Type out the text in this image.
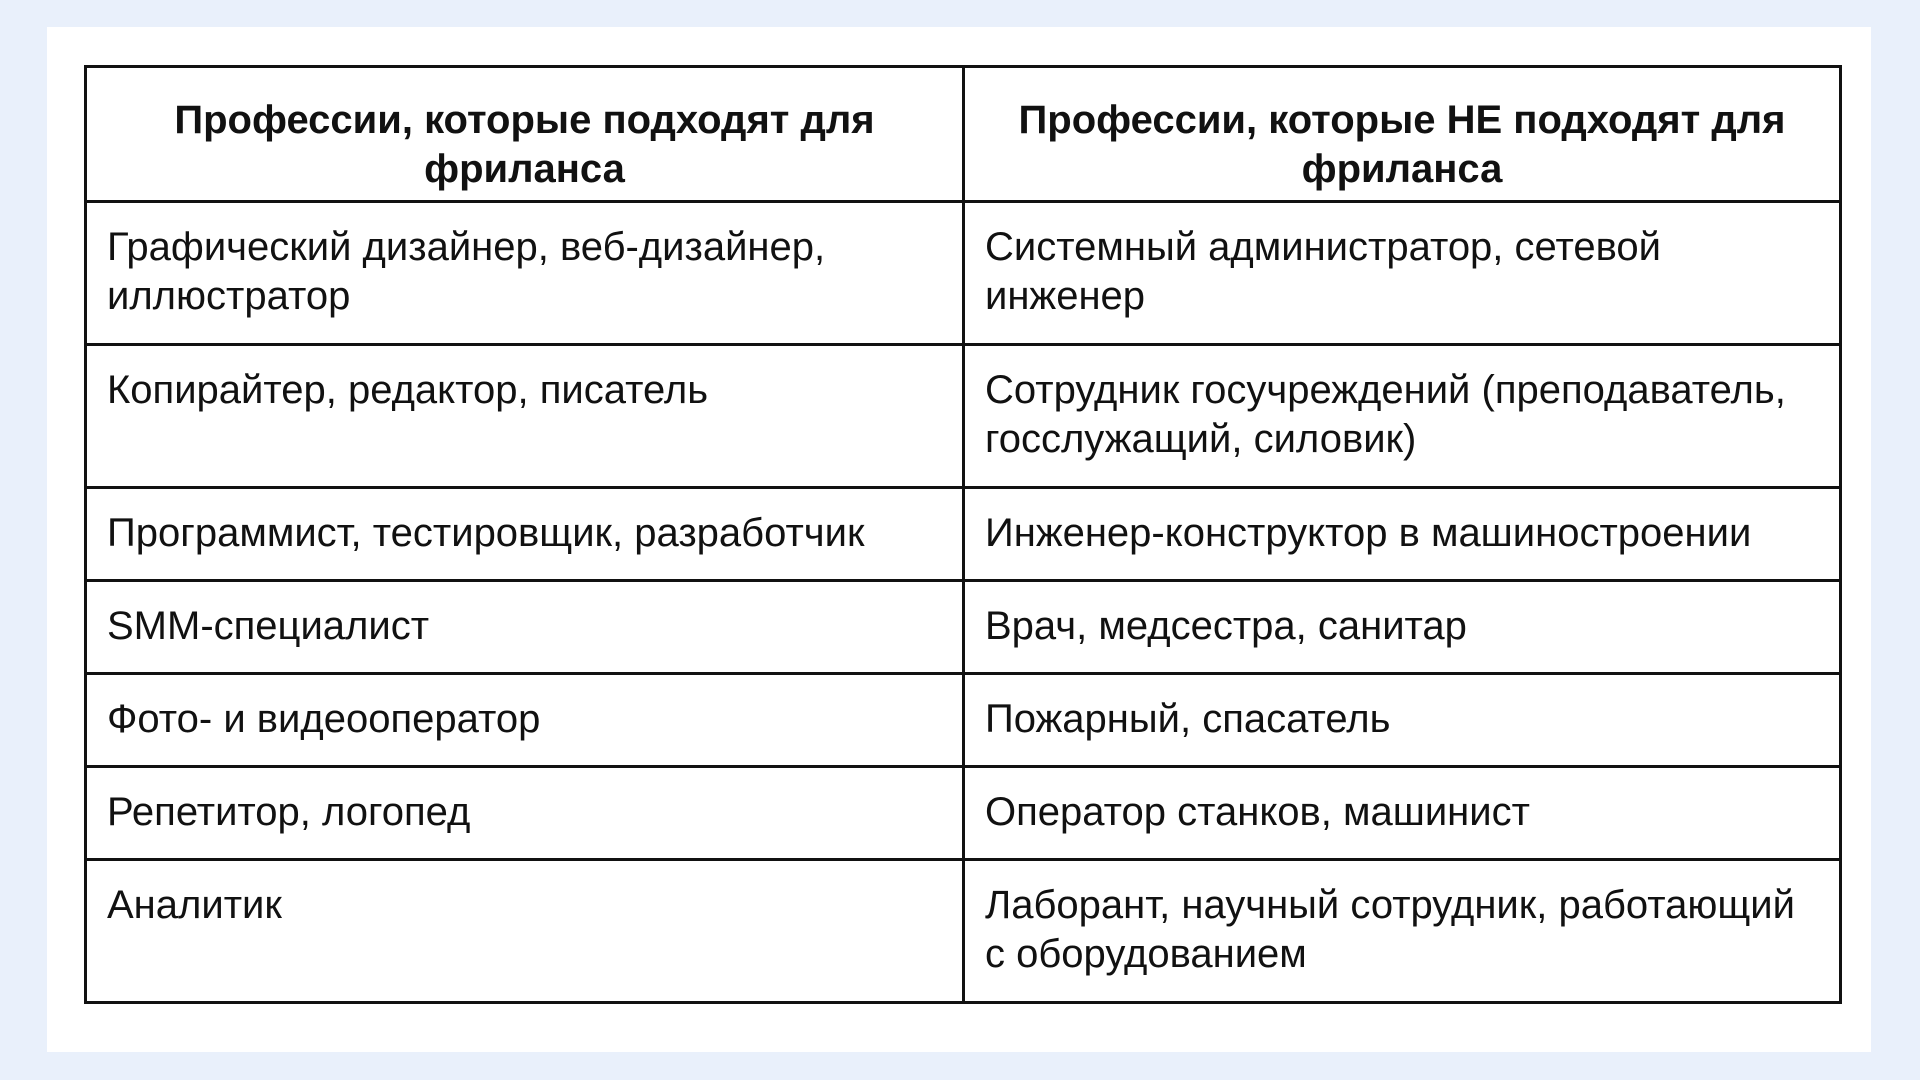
Профессии, которые подходят для фриланса	Профессии, которые НЕ подходят для фриланса
Графический дизайнер, веб-дизайнер, иллюстратор	Системный администратор, сетевой инженер
Копирайтер, редактор, писатель	Сотрудник госучреждений (преподаватель, госслужащий, силовик)
Программист, тестировщик, разработчик	Инженер-конструктор в машиностроении
SMM-специалист	Врач, медсестра, санитар
Фото- и видеооператор	Пожарный, спасатель
Репетитор, логопед	Оператор станков, машинист
Аналитик	Лаборант, научный сотрудник, работающий с оборудованием
